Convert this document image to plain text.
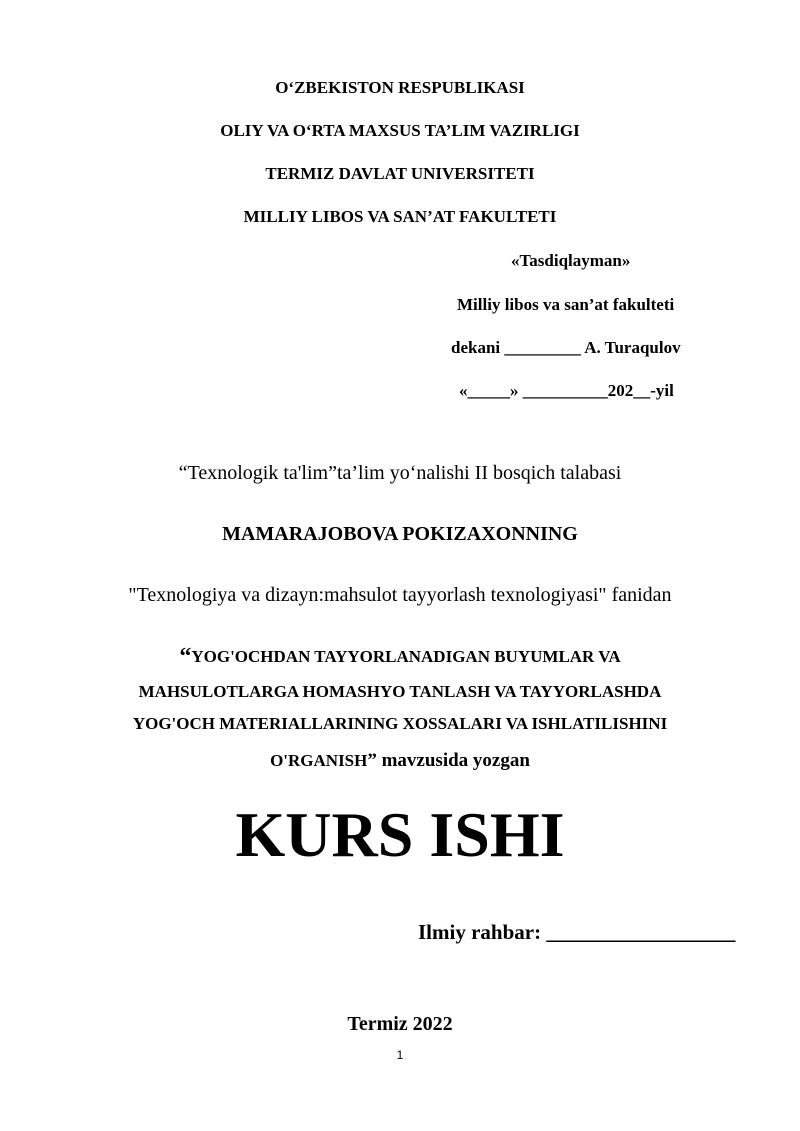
O‘ZBEKISTON RESPUBLIKASI
OLIY VA O‘RTA MAXSUS TA’LIM VAZIRLIGI
TERMIZ DAVLAT UNIVERSITETI
MILLIY LIBOS VA SAN’AT FAKULTETI
«Tasdiqlayman»
Milliy libos va san’at fakulteti
dekani _________ A. Turaqulov
«_____» __________202__-yil
“Texnologik ta'lim”ta’lim yo‘nalishi II bosqich talabasi
MAMARAJOBOVA POKIZAXONNING
"Texnologiya va dizayn:mahsulot tayyorlash texnologiyasi" fanidan
“YOG'OCHDAN TAYYORLANADIGAN BUYUMLAR VA
MAHSULOTLARGA HOMASHYO TANLASH VA TAYYORLASHDA
YOG'OCH MATERIALLARINING XOSSALARI VA ISHLATILISHINI
O'RGANISH” mavzusida yozgan
KURS ISHI
Ilmiy rahbar: __________________
Termiz 2022
1
